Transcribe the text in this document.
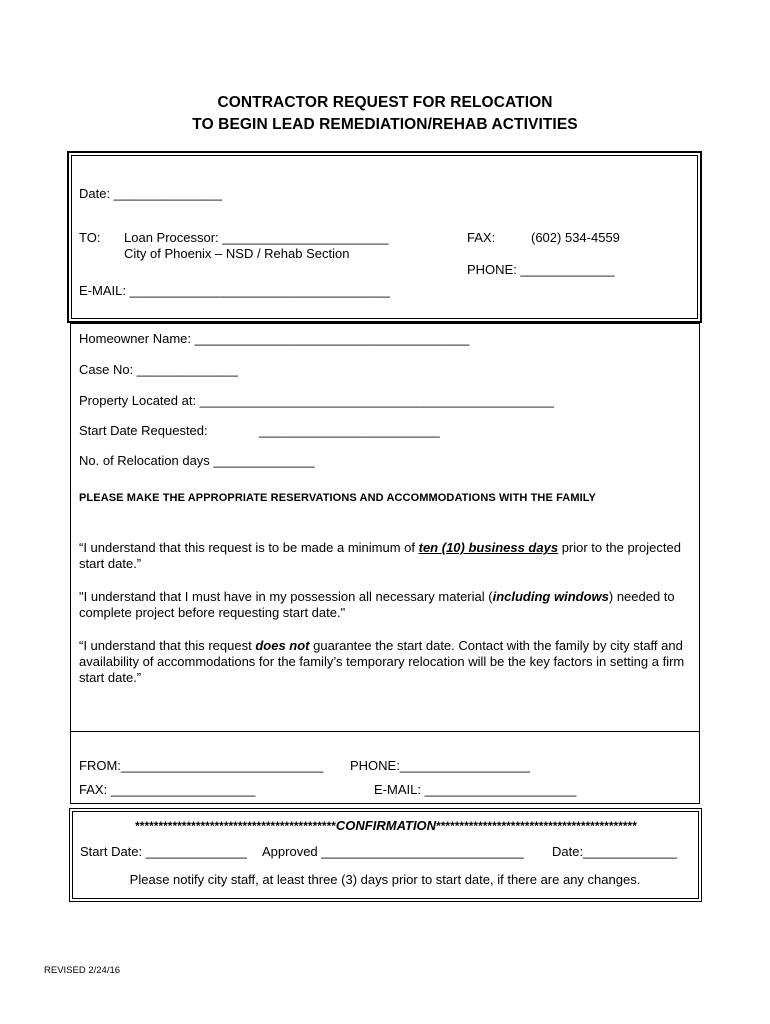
CONTRACTOR REQUEST FOR RELOCATION
TO BEGIN LEAD REMEDIATION/REHAB ACTIVITIES
Date: _______________
TO: Loan Processor: _______________________
City of Phoenix – NSD / Rehab Section
FAX:	(602) 534-4559
PHONE: _____________
E-MAIL: ____________________________________
Homeowner Name: ______________________________________
Case No: ______________
Property Located at: _________________________________________________
Start Date Requested:	_________________________
No. of Relocation days ______________
PLEASE MAKE THE APPROPRIATE RESERVATIONS AND ACCOMMODATIONS WITH THE FAMILY
“I understand that this request is to be made a minimum of ten (10) business days prior to the projected start date.”
"I understand that I must have in my possession all necessary material (including windows) needed to complete project before requesting start date."
“I understand that this request does not guarantee the start date. Contact with the family by city staff and availability of accommodations for the family’s temporary relocation will be the key factors in setting a firm start date.”
FROM:____________________________ PHONE:__________________
FAX: ____________________	E-MAIL: _____________________
*******************************************CONFIRMATION*******************************************
Start Date: ______________ Approved ____________________________ Date:_____________
Please notify city staff, at least three (3) days prior to start date, if there are any changes.
REVISED 2/24/16
